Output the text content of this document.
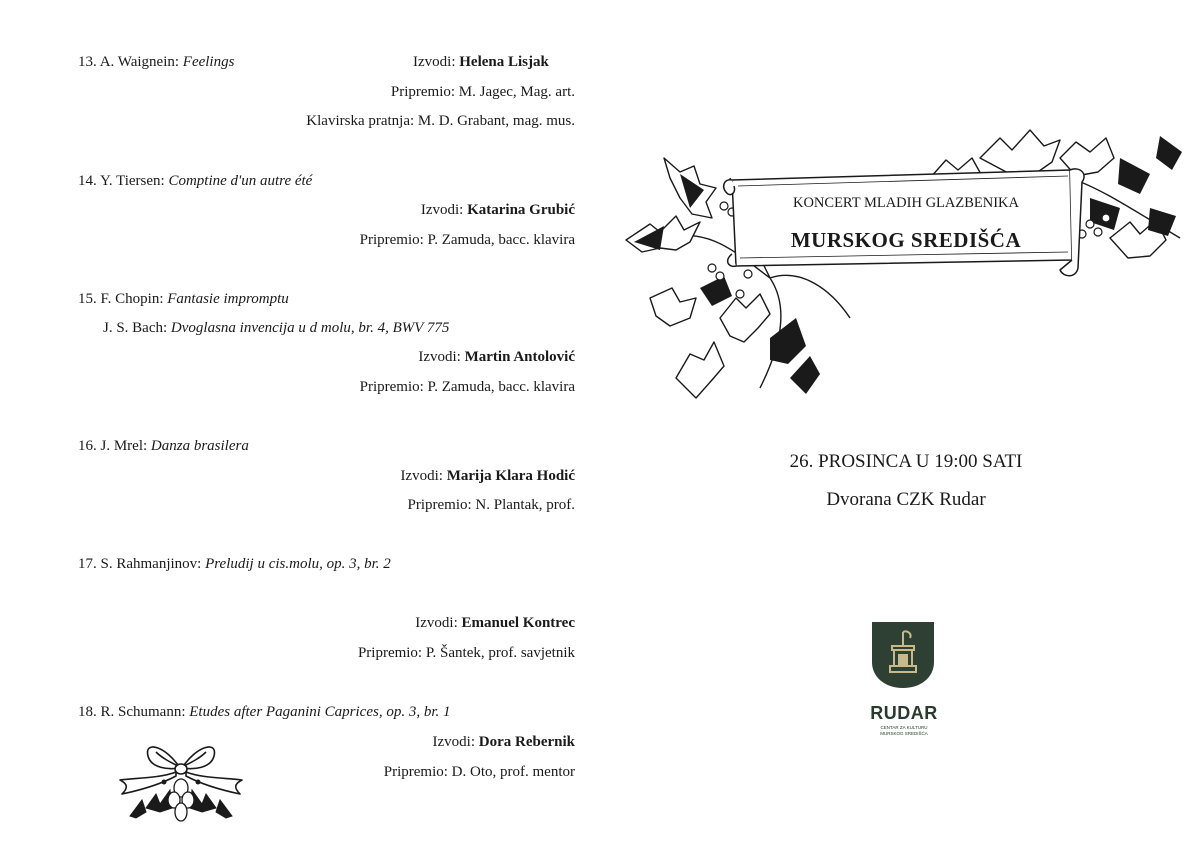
13. A. Waignein: Feelings	Izvodi: Helena Lisjak
Pripremio: M. Jagec, Mag. art.
Klavirska pratnja: M. D. Grabant, mag. mus.
14. Y. Tiersen: Comptine d'un autre été
Izvodi: Katarina Grubić
Pripremio: P. Zamuda, bacc. klavira
15. F. Chopin: Fantasie impromptu
J. S. Bach: Dvoglasna invencija u d molu, br. 4, BWV 775
Izvodi: Martin Antolović
Pripremio: P. Zamuda, bacc. klavira
16. J. Mrel: Danza brasilera
Izvodi: Marija Klara Hodić
Pripremio: N. Plantak, prof.
17. S. Rahmanjinov: Preludij u cis.molu, op. 3, br. 2
Izvodi: Emanuel Kontrec
Pripremio: P. Šantek, prof. savjetnik
18. R. Schumann: Etudes after Paganini Caprices, op. 3, br. 1
Izvodi: Dora Rebernik
Pripremio: D. Oto, prof. mentor
KONCERT MLADIH GLAZBENIKA
MURSKOG SREDIŠĆA
26. PROSINCA U 19:00 SATI
Dvorana CZK Rudar
RUDAR
CENTAR ZA KULTURU
MURSKOG SREDIŠĆA
